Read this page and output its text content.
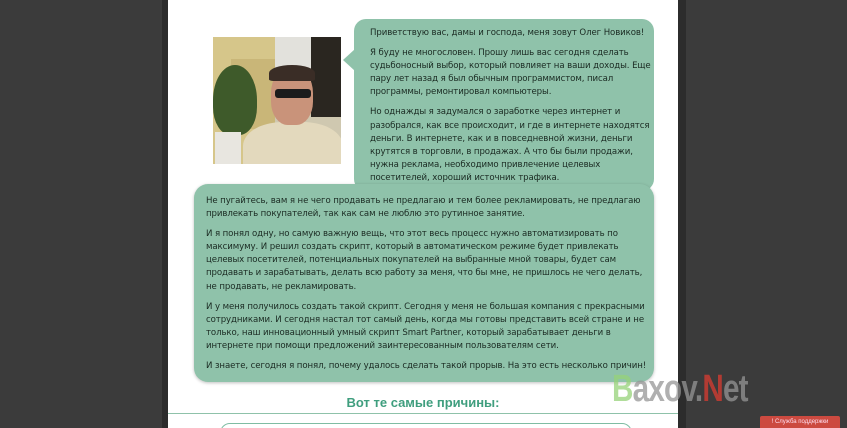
Приветствую вас, дамы и господа, меня зовут Олег Новиков!

Я буду не многословен. Прошу лишь вас сегодня сделать судьбоносный выбор, который повлияет на ваши доходы. Еще пару лет назад я был обычным программистом, писал программы, ремонтировал компьютеры.

Но однажды я задумался о заработке через интернет и разобрался, как все происходит, и где в интернете находятся деньги. В интернете, как и в повседневной жизни, деньги крутятся в торговли, в продажах. А что бы были продажи, нужна реклама, необходимо привлечение целевых посетителей, хороший источник трафика.

Не пугайтесь, вам я не чего продавать не предлагаю и тем более рекламировать, не предлагаю привлекать покупателей, так как сам не люблю это рутинное занятие.

И я понял одну, но самую важную вещь, что этот весь процесс нужно автоматизировать по максимуму. И решил создать скрипт, который в автоматическом режиме будет привлекать целевых посетителей, потенциальных покупателей на выбранные мной товары, будет сам продавать и зарабатывать, делать всю работу за меня, что бы мне, не пришлось не чего делать, не продавать, не рекламировать.

И у меня получилось создать такой скрипт. Сегодня у меня не большая компания с прекрасными сотрудниками. И сегодня настал тот самый день, когда мы готовы представить всей стране и не только, наш инновационный умный скрипт Smart Partner, который зарабатывает деньги в интернете при помощи предложений заинтересованным пользователям сети.

И знаете, сегодня я понял, почему удалось сделать такой прорыв. На это есть несколько причин!

Вот те самые причины:	Baxov.Net
! Служба поддержки
